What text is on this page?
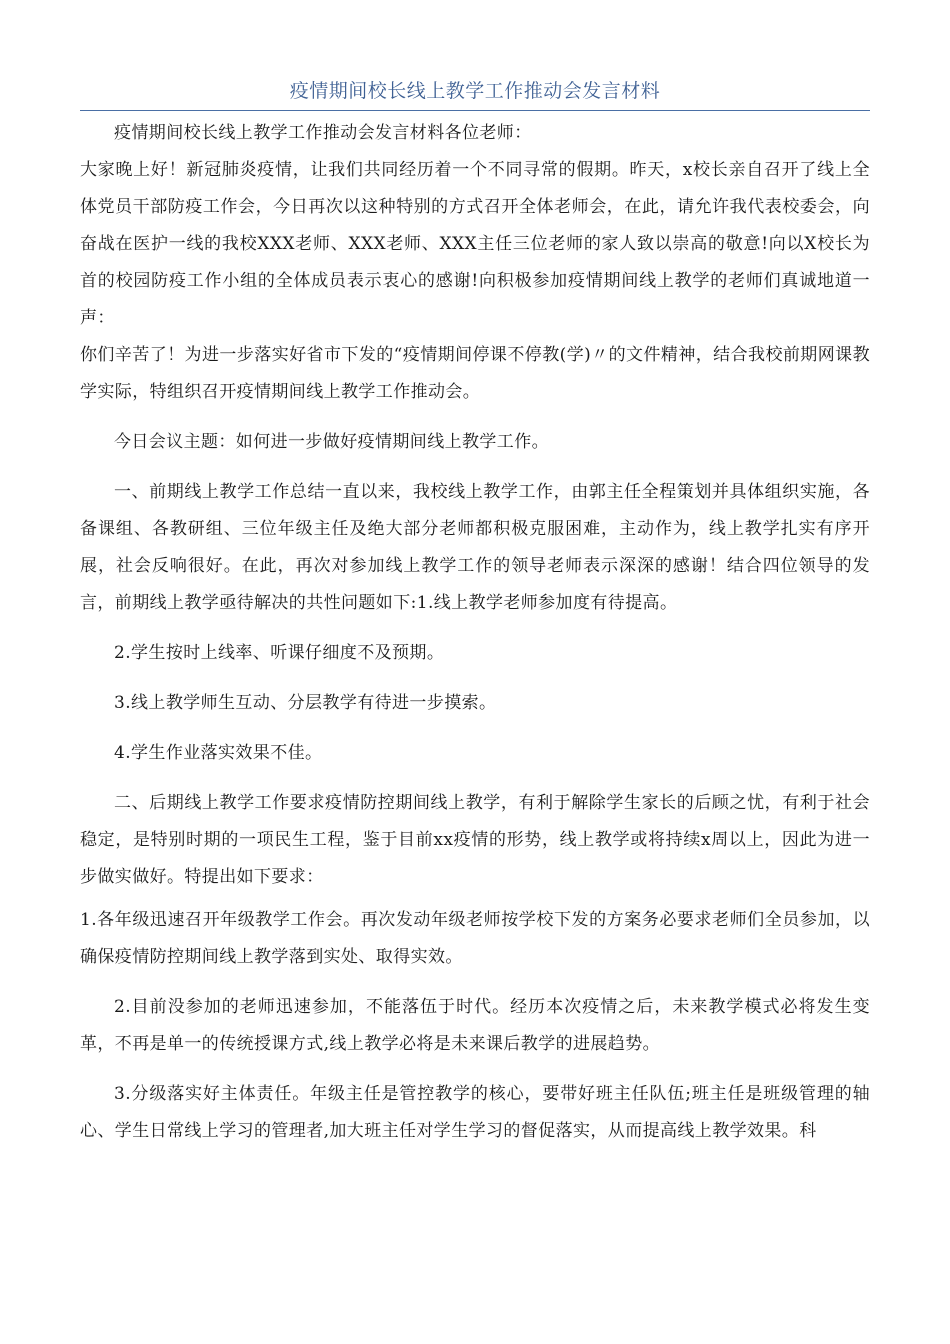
疫情期间校长线上教学工作推动会发言材料

疫情期间校长线上教学工作推动会发言材料各位老师：

大家晚上好！新冠肺炎疫情，让我们共同经历着一个不同寻常的假期。昨天，x校长亲自召开了线上全体党员干部防疫工作会，今日再次以这种特别的方式召开全体老师会，在此，请允许我代表校委会，向奋战在医护一线的我校XXX老师、XXX老师、XXX主任三位老师的家人致以崇高的敬意!向以X校长为首的校园防疫工作小组的全体成员表示衷心的感谢!向积极参加疫情期间线上教学的老师们真诚地道一声：

你们辛苦了！为进一步落实好省市下发的“疫情期间停课不停教(学)〃的文件精神，结合我校前期网课教学实际，特组织召开疫情期间线上教学工作推动会。

今日会议主题：如何进一步做好疫情期间线上教学工作。

一、前期线上教学工作总结一直以来，我校线上教学工作，由郭主任全程策划并具体组织实施，各备课组、各教研组、三位年级主任及绝大部分老师都积极克服困难，主动作为，线上教学扎实有序开展，社会反响很好。在此，再次对参加线上教学工作的领导老师表示深深的感谢！结合四位领导的发言，前期线上教学亟待解决的共性问题如下:1.线上教学老师参加度有待提高。

2.学生按时上线率、听课仔细度不及预期。

3.线上教学师生互动、分层教学有待进一步摸索。

4.学生作业落实效果不佳。

二、后期线上教学工作要求疫情防控期间线上教学，有利于解除学生家长的后顾之忧，有利于社会稳定，是特别时期的一项民生工程，鉴于目前xx疫情的形势，线上教学或将持续x周以上，因此为进一步做实做好。特提出如下要求：

1.各年级迅速召开年级教学工作会。再次发动年级老师按学校下发的方案务必要求老师们全员参加，以确保疫情防控期间线上教学落到实处、取得实效。

2.目前没参加的老师迅速参加，不能落伍于时代。经历本次疫情之后，未来教学模式必将发生变革，不再是单一的传统授课方式,线上教学必将是未来课后教学的进展趋势。

3.分级落实好主体责任。年级主任是管控教学的核心，要带好班主任队伍;班主任是班级管理的轴心、学生日常线上学习的管理者,加大班主任对学生学习的督促落实，从而提高线上教学效果。科
